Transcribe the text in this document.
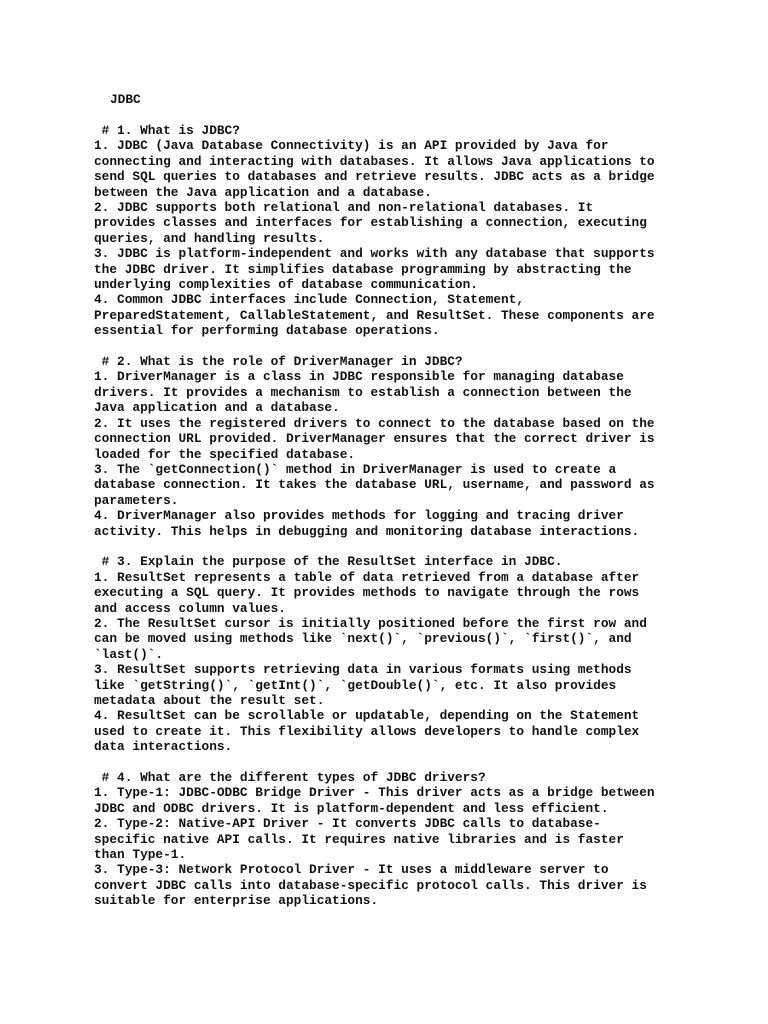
JDBC
# 1. What is JDBC?
1. JDBC (Java Database Connectivity) is an API provided by Java for
connecting and interacting with databases. It allows Java applications to
send SQL queries to databases and retrieve results. JDBC acts as a bridge
between the Java application and a database.
2. JDBC supports both relational and non-relational databases. It
provides classes and interfaces for establishing a connection, executing
queries, and handling results.
3. JDBC is platform-independent and works with any database that supports
the JDBC driver. It simplifies database programming by abstracting the
underlying complexities of database communication.
4. Common JDBC interfaces include Connection, Statement,
PreparedStatement, CallableStatement, and ResultSet. These components are
essential for performing database operations.
# 2. What is the role of DriverManager in JDBC?
1. DriverManager is a class in JDBC responsible for managing database
drivers. It provides a mechanism to establish a connection between the
Java application and a database.
2. It uses the registered drivers to connect to the database based on the
connection URL provided. DriverManager ensures that the correct driver is
loaded for the specified database.
3. The `getConnection()` method in DriverManager is used to create a
database connection. It takes the database URL, username, and password as
parameters.
4. DriverManager also provides methods for logging and tracing driver
activity. This helps in debugging and monitoring database interactions.
# 3. Explain the purpose of the ResultSet interface in JDBC.
1. ResultSet represents a table of data retrieved from a database after
executing a SQL query. It provides methods to navigate through the rows
and access column values.
2. The ResultSet cursor is initially positioned before the first row and
can be moved using methods like `next()`, `previous()`, `first()`, and
`last()`.
3. ResultSet supports retrieving data in various formats using methods
like `getString()`, `getInt()`, `getDouble()`, etc. It also provides
metadata about the result set.
4. ResultSet can be scrollable or updatable, depending on the Statement
used to create it. This flexibility allows developers to handle complex
data interactions.
# 4. What are the different types of JDBC drivers?
1. Type-1: JDBC-ODBC Bridge Driver - This driver acts as a bridge between
JDBC and ODBC drivers. It is platform-dependent and less efficient.
2. Type-2: Native-API Driver - It converts JDBC calls to database-
specific native API calls. It requires native libraries and is faster
than Type-1.
3. Type-3: Network Protocol Driver - It uses a middleware server to
convert JDBC calls into database-specific protocol calls. This driver is
suitable for enterprise applications.
